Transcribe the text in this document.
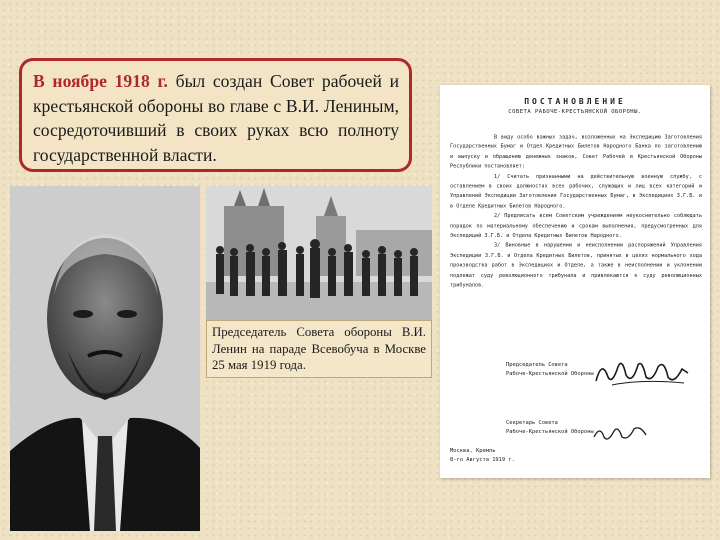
В ноябре 1918 г. был создан Совет рабочей и крестьянской обороны во главе с В.И. Лениным, сосредоточивший в своих руках всю полноту государственной власти.
Председатель Совета обороны В.И. Ленин на параде Всевобуча в Москве 25 мая 1919 года.
ПОСТАНОВЛЕНИЕ
СОВЕТА РАБОЧЕ-КРЕСТЬЯНСКОЙ ОБОРОНЫ.

В виду особо важных задач, возложенных на Экспедицию Заготовления Государственных Бумаг и Отдел Кредитных Билетов Народного Банка по заготовлению и выпуску и обращению денежных знаков, Совет Рабочей и Крестьянской Обороны Республики постановляет:

1/ Считать признанными на действительную военную службу, с оставлением в своих должностях всех рабочих, служащих и лиц всех категорий и Управлений Экспедиции Заготовления Государственных Бумаг, в Экспедициях З.Г.Б. и в Отделе Кредитных Билетов Народного.

2/ Предписать всем Советским учреждениям неукоснительно соблюдать порядок по материальному обеспечению и срокам выполнения, предусмотренных для Экспедиций З.Г.Б. и Отдела Кредитных Билетов Народного.

3/ Виновные в нарушении и неисполнении распоряжений Управления Экспедиции З.Г.Б. и Отдела Кредитных Билетов, принятых в целях нормального хода производства работ в Экспедициях и Отделе, а также в неисполнении и уклонении подлежат суду революционного трибунала и привлекаются к суду революционных трибуналов.

Председатель Совета
Рабоче-Крестьянской Обороны
Секретарь Совета
Рабоче-Крестьянской Обороны
Москва, Кремль
8-го Августа 1919 г.
